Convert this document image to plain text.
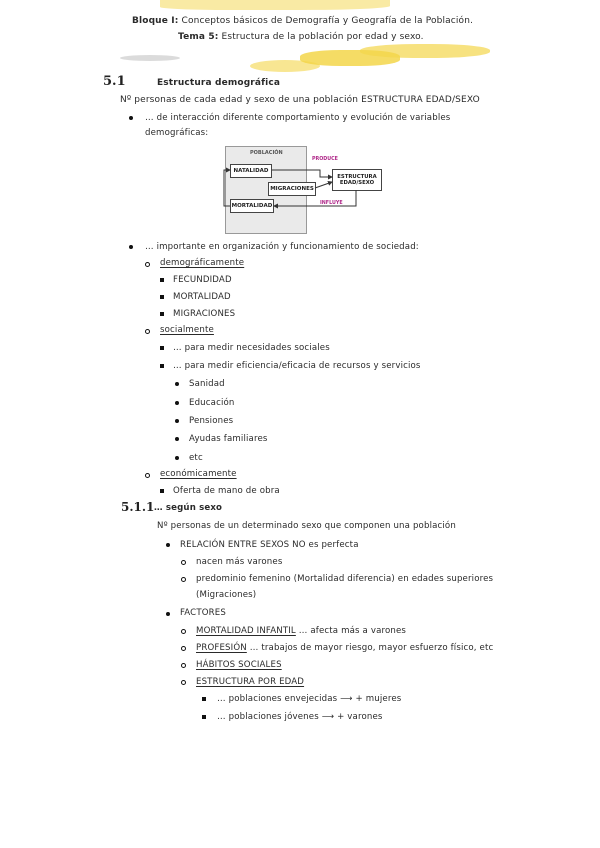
Bloque I: Conceptos básicos de Demografía y Geografía de la Población.
Tema 5: Estructura de la población por edad y sexo.
5.1	Estructura demográfica
Nº personas de cada edad y sexo de una población ESTRUCTURA EDAD/SEXO
… de interacción diferente comportamiento y evolución de variables
demográficas:
POBLACIÓN
NATALIDAD
MIGRACIONES
MORTALIDAD
PRODUCE
INFLUYE
ESTRUCTURA EDAD/SEXO
… importante en organización y funcionamiento de sociedad:
demográficamente
FECUNDIDAD
MORTALIDAD
MIGRACIONES
socialmente
… para medir necesidades sociales
… para medir eficiencia/eficacia de recursos y servicios
Sanidad
Educación
Pensiones
Ayudas familiares
etc
económicamente
Oferta de mano de obra
5.1.1 … según sexo
Nº personas de un determinado sexo que componen una población
RELACIÓN ENTRE SEXOS NO es perfecta
nacen más varones
predominio femenino (Mortalidad diferencia) en edades superiores
(Migraciones)
FACTORES
MORTALIDAD INFANTIL … afecta más a varones
PROFESIÓN … trabajos de mayor riesgo, mayor esfuerzo físico, etc
HÁBITOS SOCIALES
ESTRUCTURA POR EDAD
… poblaciones envejecidas ⟶ + mujeres
… poblaciones jóvenes ⟶ + varones
